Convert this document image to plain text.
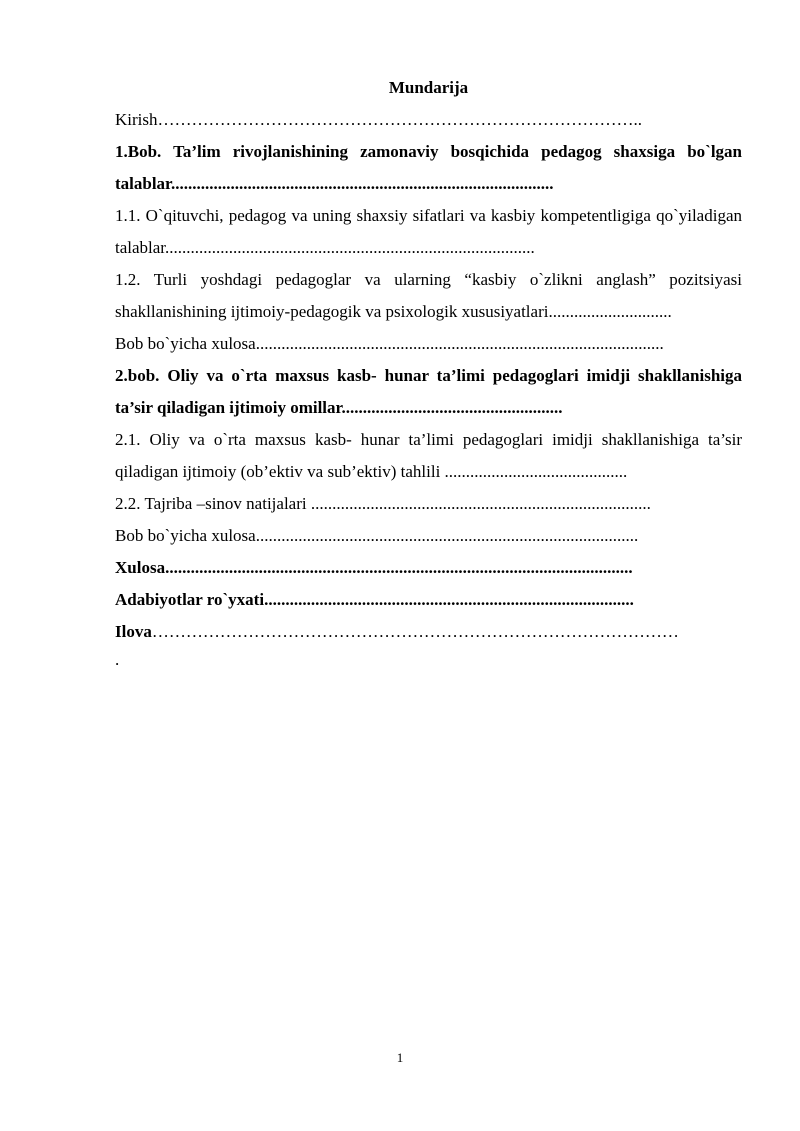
Mundarija

Kirish…………………………………………………………………………..

1.Bob. Ta’lim rivojlanishining zamonaviy bosqichida pedagog shaxsiga bo`lgan talablar..........................................................................................

1.1. O`qituvchi, pedagog va uning shaxsiy sifatlari va kasbiy kompetentligiga qo`yiladigan talablar.......................................................................................

1.2. Turli yoshdagi pedagoglar va ularning “kasbiy o`zlikni anglash” pozitsiyasi shakllanishining ijtimoiy-pedagogik va psixologik xususiyatlari.............................

Bob bo`yicha xulosa................................................................................................

2.bob. Oliy va o`rta maxsus kasb- hunar ta’limi pedagoglari imidji shakllanishiga ta’sir qiladigan ijtimoiy omillar....................................................

2.1. Oliy va o`rta maxsus kasb- hunar ta’limi pedagoglari imidji shakllanishiga ta’sir qiladigan ijtimoiy (ob’ektiv va sub’ektiv) tahlili ...........................................

2.2. Tajriba –sinov natijalari ................................................................................

Bob bo`yicha xulosa..........................................................................................

Xulosa..............................................................................................................

Adabiyotlar ro`yxati.......................................................................................

Ilova…………………………………………………………………………………

.

1
